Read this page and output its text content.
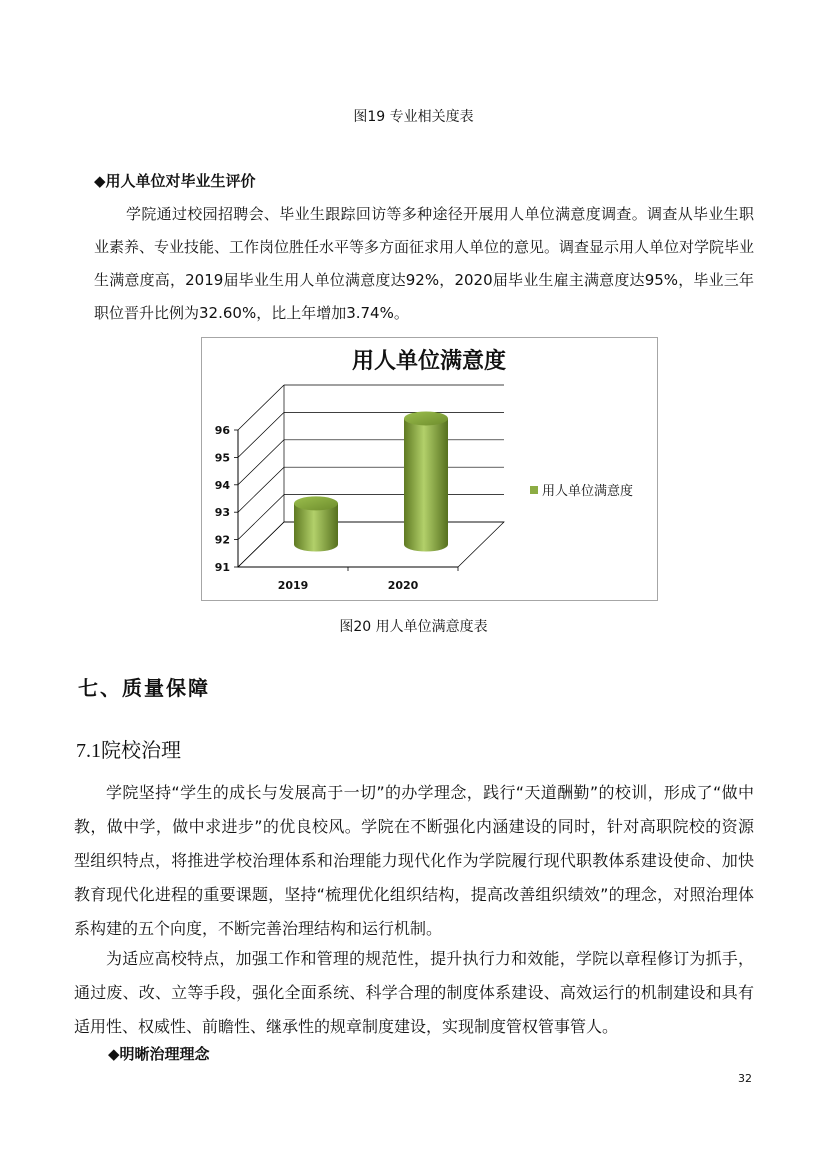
图19 专业相关度表
◆用人单位对毕业生评价
学院通过校园招聘会、毕业生跟踪回访等多种途径开展用人单位满意度调查。调查从毕业生职业素养、专业技能、工作岗位胜任水平等多方面征求用人单位的意见。调查显示用人单位对学院毕业生满意度高，2019届毕业生用人单位满意度达92%，2020届毕业生雇主满意度达95%，毕业三年职位晋升比例为32.60%，比上年增加3.74%。
用人单位满意度
91
92
93
94
95
96
2019	2020
用人单位满意度
图20 用人单位满意度表
七、质量保障
7.1院校治理
学院坚持“学生的成长与发展高于一切”的办学理念，践行“天道酬勤”的校训，形成了“做中教，做中学，做中求进步”的优良校风。学院在不断强化内涵建设的同时，针对高职院校的资源型组织特点，将推进学校治理体系和治理能力现代化作为学院履行现代职教体系建设使命、加快教育现代化进程的重要课题，坚持“梳理优化组织结构，提高改善组织绩效”的理念，对照治理体系构建的五个向度，不断完善治理结构和运行机制。
为适应高校特点，加强工作和管理的规范性，提升执行力和效能，学院以章程修订为抓手，通过废、改、立等手段，强化全面系统、科学合理的制度体系建设、高效运行的机制建设和具有适用性、权威性、前瞻性、继承性的规章制度建设，实现制度管权管事管人。
◆明晰治理理念
32
